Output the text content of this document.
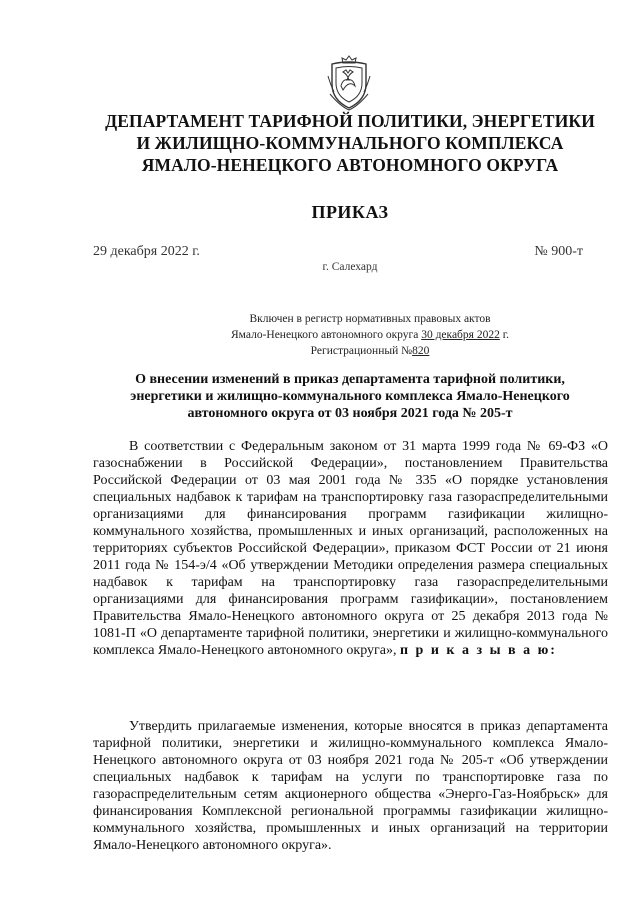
ДЕПАРТАМЕНТ ТАРИФНОЙ ПОЛИТИКИ, ЭНЕРГЕТИКИ
И ЖИЛИЩНО-КОММУНАЛЬНОГО КОМПЛЕКСА
ЯМАЛО-НЕНЕЦКОГО АВТОНОМНОГО ОКРУГА
ПРИКАЗ
29 декабря 2022 г.	№ 900-т
г. Салехард
Включен в регистр нормативных правовых актов
Ямало-Ненецкого автономного округа 30 декабря 2022 г.
Регистрационный №820
О внесении изменений в приказ департамента тарифной политики, энергетики и жилищно-коммунального комплекса Ямало-Ненецкого автономного округа от 03 ноября 2021 года № 205-т
В соответствии с Федеральным законом от 31 марта 1999 года № 69-ФЗ «О газоснабжении в Российской Федерации», постановлением Правительства Российской Федерации от 03 мая 2001 года № 335 «О порядке установления специальных надбавок к тарифам на транспортировку газа газораспределительными организациями для финансирования программ газификации жилищно-коммунального хозяйства, промышленных и иных организаций, расположенных на территориях субъектов Российской Федерации», приказом ФСТ России от 21 июня 2011 года № 154-э/4 «Об утверждении Методики определения размера специальных надбавок к тарифам на транспортировку газа газораспределительными организациями для финансирования программ газификации», постановлением Правительства Ямало-Ненецкого автономного округа от 25 декабря 2013 года № 1081-П «О департаменте тарифной политики, энергетики и жилищно-коммунального комплекса Ямало-Ненецкого автономного округа», п р и к а з ы в а ю:
Утвердить прилагаемые изменения, которые вносятся в приказ департамента тарифной политики, энергетики и жилищно-коммунального комплекса Ямало-Ненецкого автономного округа от 03 ноября 2021 года № 205-т «Об утверждении специальных надбавок к тарифам на услуги по транспортировке газа по газораспределительным сетям акционерного общества «Энерго-Газ-Ноябрьск» для финансирования Комплексной региональной программы газификации жилищно-коммунального хозяйства, промышленных и иных организаций на территории Ямало-Ненецкого автономного округа».
